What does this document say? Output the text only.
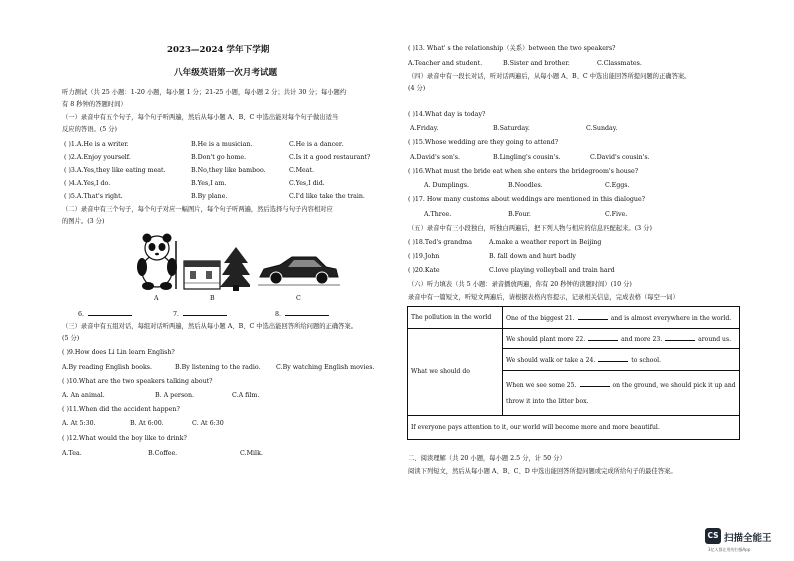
2023—2024 学年下学期
八年级英语第一次月考试题
听力测试（共 25 小题：1-20 小题，每小题 1 分；21-25 小题，每小题 2 分；共计 30 分；每小题约
有 8 秒钟的答题时间）
（一）录音中有五个句子，每个句子听两遍，然后从每小题 A、B、C 中选出能对每个句子做出适当
反应的答语。(5 分)
( )1.A.He is a writer.	B.He is a musician.	C.He is a dancer.
( )2.A.Enjoy yourself.	B.Don't go home.	C.Is it a good restaurant?
( )3.A.Yes,they like eating meat.	B.No,they like bamboo.	C.Meat.
( )4.A.Yes,I do.	B.Yes,I am.	C.Yes,I did.
( )5.A.That's right.	B.By plane.	C.I'd like take the train.
（二）录音中有三个句子，每个句子对应一幅图片，每个句子听两遍，然后选择与句子内容相对应
的图片。(3 分)
A	B	C
6.	7.	8.
（三）录音中有五组对话，每组对话听两遍，然后从每小题 A、B、C 中选出能回答所给问题的正确答案。
(5 分)
( )9.How does Li Lin learn English?
A.By reading English books.	B.By listening to the radio. C.By watching English movies.
( )10.What are the two speakers talking about?
A. An animal.	B. A person.	C.A film.
( )11.When did the accident happen?
A. At 5:30.	B. At 6:00.	C. At 6:30
( )12.What would the boy like to drink?
A.Tea.	B.Coffee.	C.Milk.
( )13. What' s the relationship（关系）between the two speakers?
A.Teacher and student.	B.Sister and brother.	C.Classmates.
（四）录音中有一段长对话，听对话两遍后，从每小题 A、B、C 中选出能回答所提问题的正确答案。
(4 分)
( )14.What day is today?
A.Friday.	B.Saturday.	C.Sunday.
( )15.Whose wedding are they going to attend?
A.David's son's.	B.Lingling's cousin's.	C.David's cousin's.
( )16.What must the bride eat when she enters the bridegroom's house?
A. Dumplings.	B.Noodles.	C.Eggs.
( )17. How many customs about weddings are mentioned in this dialogue?
A.Three.	B.Four.	C.Five.
（五）录音中有三小段独白，听独白两遍后，把下列人物与相应的信息匹配起来。(3 分)
( )18.Ted's grandma	A.make a weather report in Beijing
( )19.John	B. fall down and hurt badly
( )20.Kate	C.love playing volleyball and train hard
（六）听力填表（共 5 小题：录音播放两遍，你有 20 秒钟的读题时间）(10 分)
录音中有一篇短文，听短文两遍后，请根据表格内容提示，记录相关信息，完成表格（每空一词）
The pollution in the world	One of the biggest 21. and is almost everywhere in the world.
What we should do	We should plant more 22. and more 23. around us.
	We should walk or take a 24. to school.

	When we see some 25. on the ground, we should pick it up and
throw it into the litter box.

If everyone pays attention to it, our world will become more and more beautiful.	
二、阅读理解（共 20 小题，每小题 2.5 分，计 50 分）
阅读下列短文，然后从每小题 A、B、C、D 中选出能回答所提问题或完成所给句子的最佳答案。
CS 扫描全能王
3亿人都在用的扫描App
